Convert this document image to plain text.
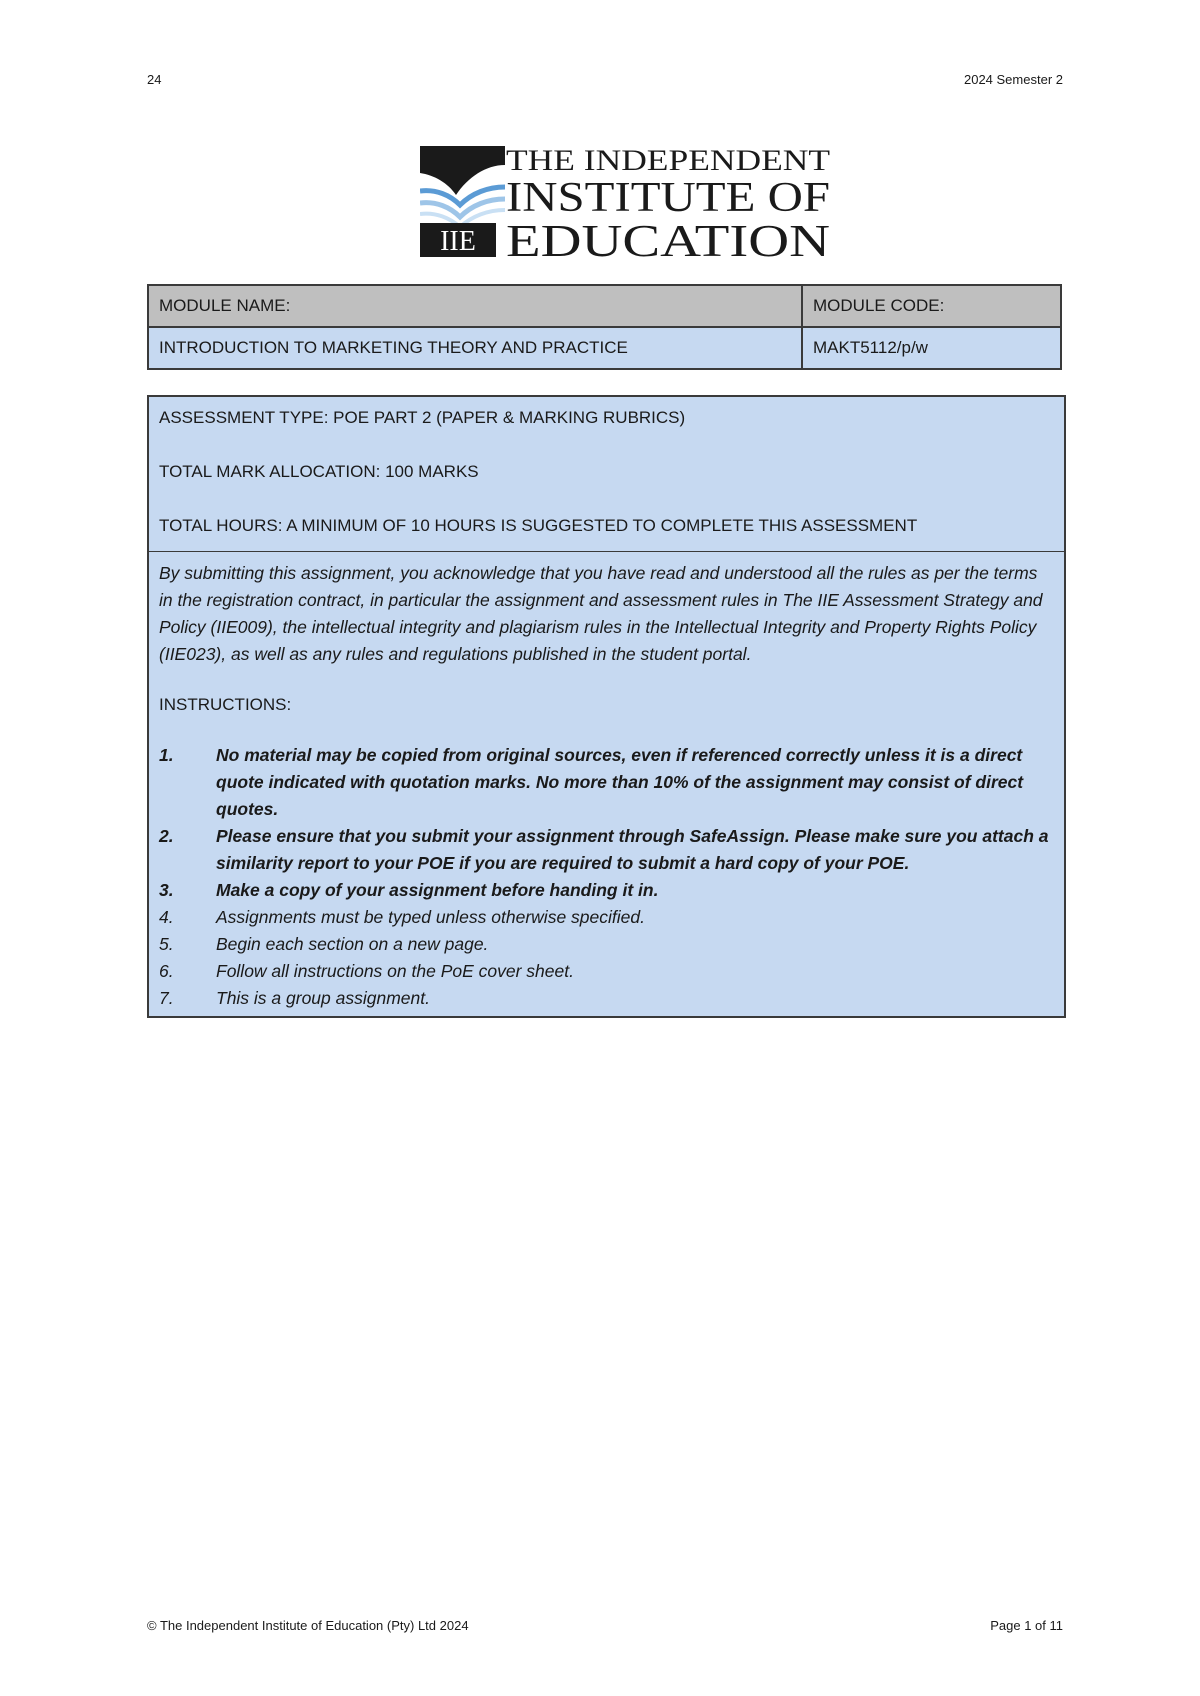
24	2024 Semester 2
IIE
THE INDEPENDENT
INSTITUTE OF
EDUCATION
MODULE NAME:	MODULE CODE:
INTRODUCTION TO MARKETING THEORY AND PRACTICE	MAKT5112/p/w

ASSESSMENT TYPE: POE PART 2 (PAPER & MARKING RUBRICS)

TOTAL MARK ALLOCATION: 100 MARKS

TOTAL HOURS: A MINIMUM OF 10 HOURS IS SUGGESTED TO COMPLETE THIS ASSESSMENT

By submitting this assignment, you acknowledge that you have read and understood all the rules as per the terms in the registration contract, in particular the assignment and assessment rules in The IIE Assessment Strategy and Policy (IIE009), the intellectual integrity and plagiarism rules in the Intellectual Integrity and Property Rights Policy (IIE023), as well as any rules and regulations published in the student portal.

INSTRUCTIONS:

1.	No material may be copied from original sources, even if referenced correctly unless it is a direct quote indicated with quotation marks. No more than 10% of the assignment may consist of direct quotes.
2.	Please ensure that you submit your assignment through SafeAssign. Please make sure you attach a similarity report to your POE if you are required to submit a hard copy of your POE.
3.	Make a copy of your assignment before handing it in.
4.	Assignments must be typed unless otherwise specified.
5.	Begin each section on a new page.
6.	Follow all instructions on the PoE cover sheet.
7.	This is a group assignment.
© The Independent Institute of Education (Pty) Ltd 2024	Page 1 of 11
